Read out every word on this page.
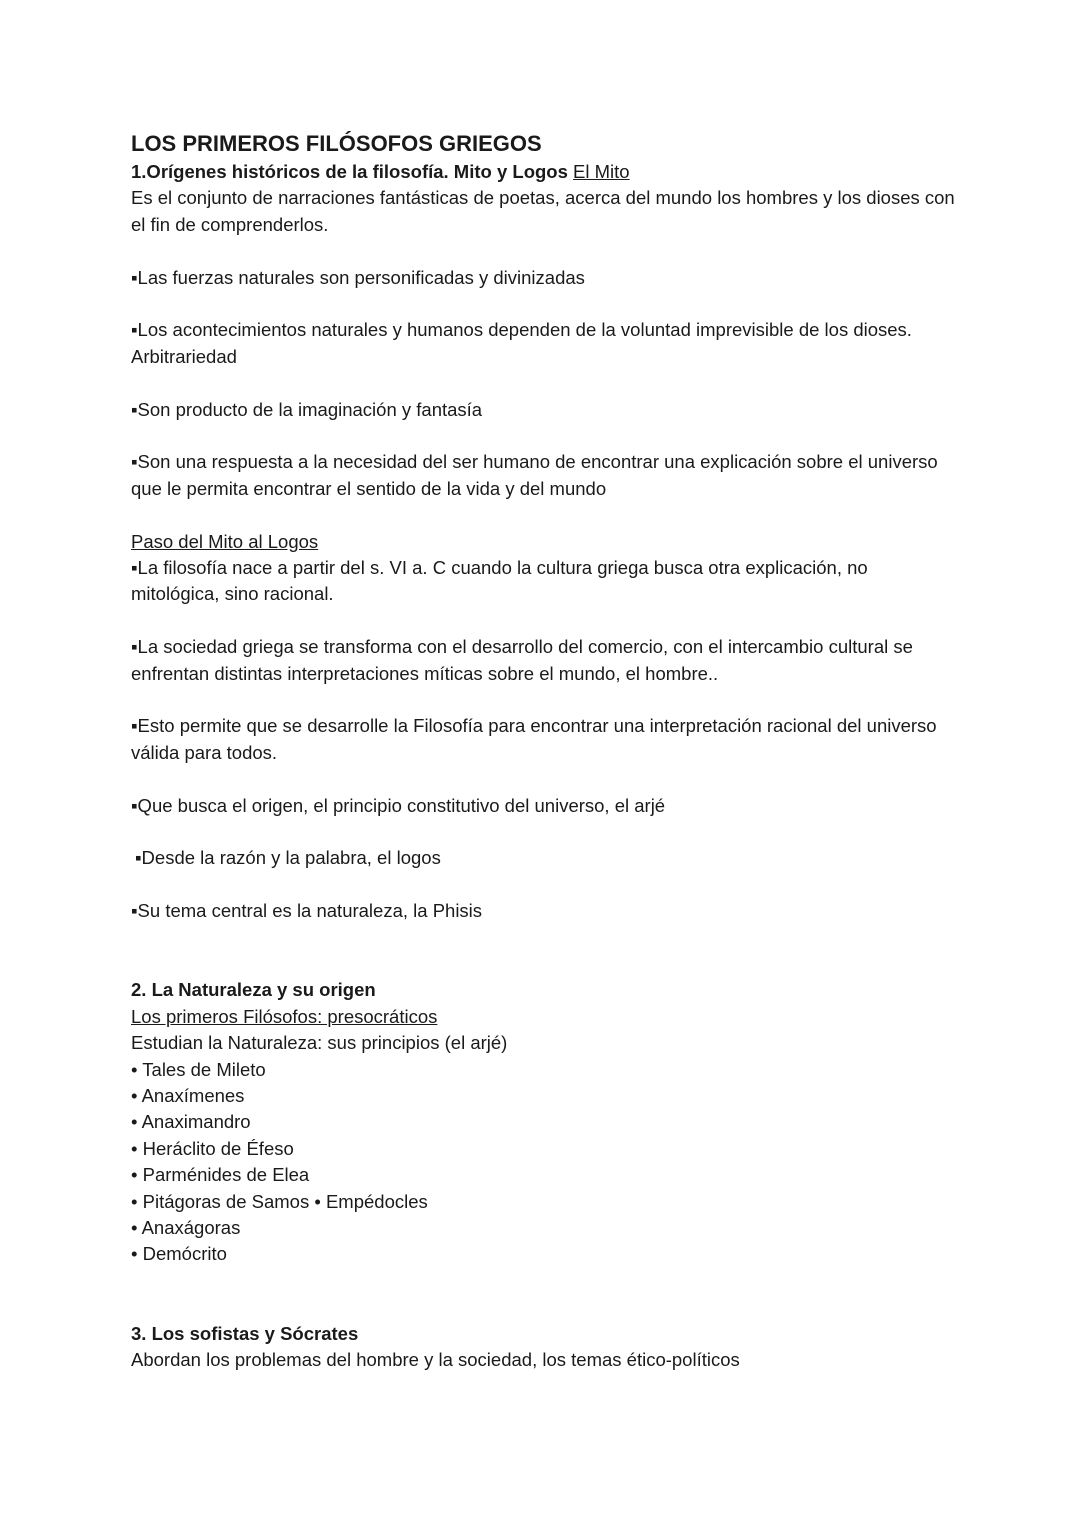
LOS PRIMEROS FILÓSOFOS GRIEGOS

1.Orígenes históricos de la filosofía. Mito y Logos El Mito

Es el conjunto de narraciones fantásticas de poetas, acerca del mundo los hombres y los dioses con el fin de comprenderlos.

▪Las fuerzas naturales son personificadas y divinizadas

▪Los acontecimientos naturales y humanos dependen de la voluntad imprevisible de los dioses. Arbitrariedad

▪Son producto de la imaginación y fantasía

▪Son una respuesta a la necesidad del ser humano de encontrar una explicación sobre el universo que le permita encontrar el sentido de la vida y del mundo

Paso del Mito al Logos

▪La filosofía nace a partir del s. VI a. C cuando la cultura griega busca otra explicación, no mitológica, sino racional.

▪La sociedad griega se transforma con el desarrollo del comercio, con el intercambio cultural se enfrentan distintas interpretaciones míticas sobre el mundo, el hombre..

▪Esto permite que se desarrolle la Filosofía para encontrar una interpretación racional del universo válida para todos.

▪Que busca el origen, el principio constitutivo del universo, el arjé

▪Desde la razón y la palabra, el logos

▪Su tema central es la naturaleza, la Phisis

2. La Naturaleza y su origen

Los primeros Filósofos: presocráticos

Estudian la Naturaleza: sus principios (el arjé)

• Tales de Mileto

• Anaxímenes

• Anaximandro

• Heráclito de Éfeso

• Parménides de Elea

• Pitágoras de Samos • Empédocles

• Anaxágoras

• Demócrito

3. Los sofistas y Sócrates

Abordan los problemas del hombre y la sociedad, los temas ético-políticos
